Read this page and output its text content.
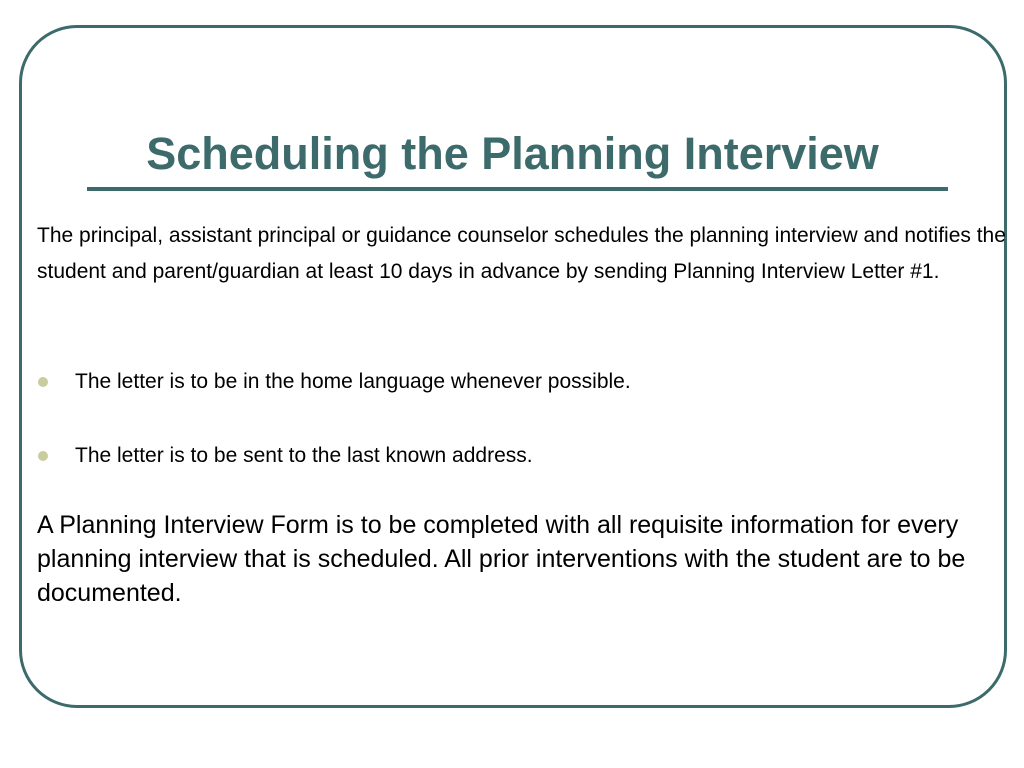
Scheduling the Planning Interview

The principal, assistant principal or guidance counselor schedules the planning interview and notifies the student and parent/guardian at least 10 days in advance by sending Planning Interview Letter #1.

The letter is to be in the home language whenever possible.
The letter is to be sent to the last known address.

A Planning Interview Form is to be completed with all requisite information for every planning interview that is scheduled. All prior interventions with the student are to be documented.
